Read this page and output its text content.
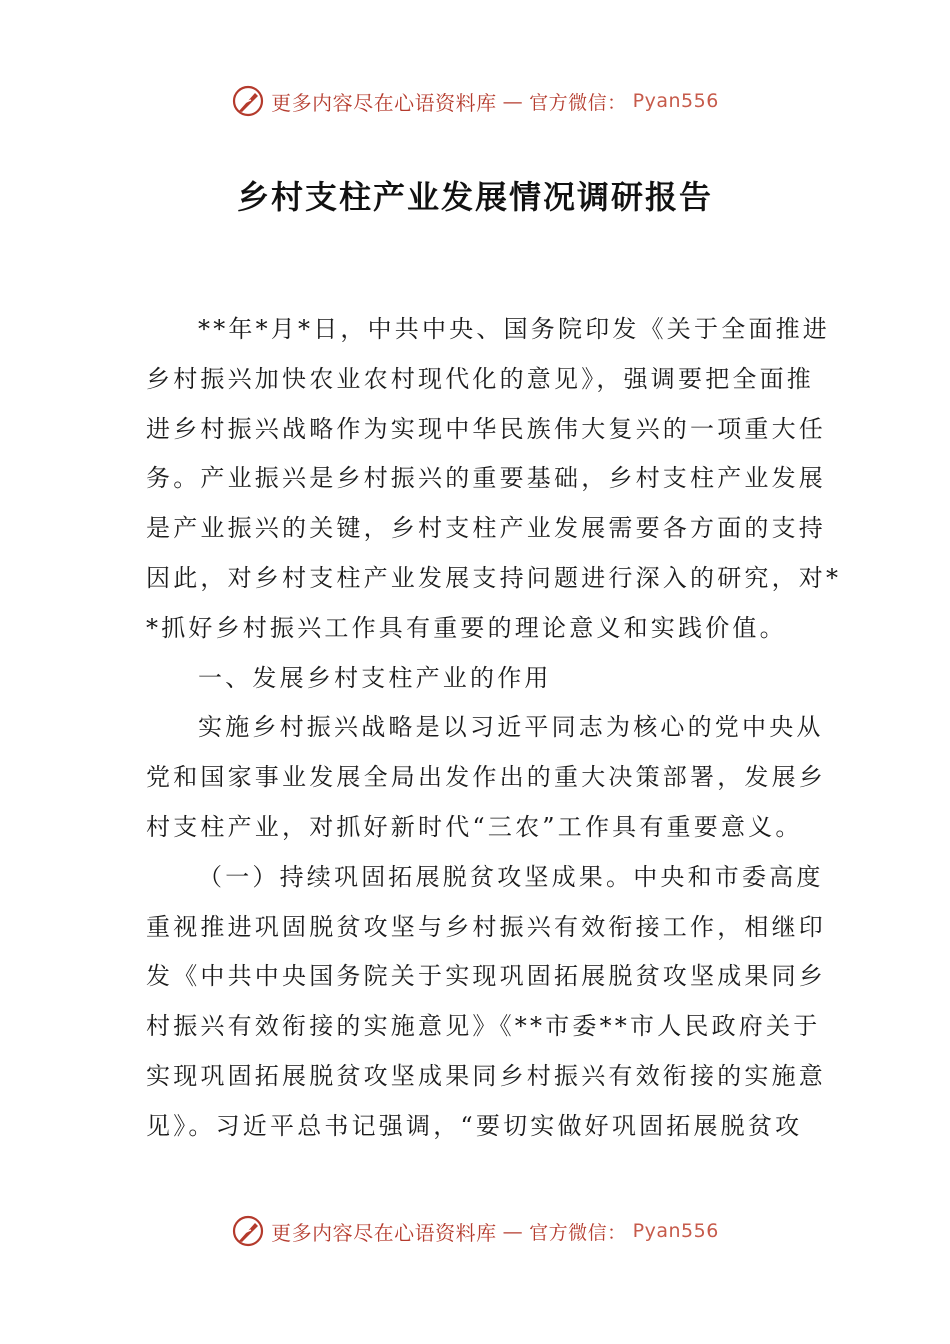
更多内容尽在心语资料库 — 官方微信： Pyan556
乡村支柱产业发展情况调研报告
**年*月*日，中共中央、国务院印发《关于全面推进
乡村振兴加快农业农村现代化的意见》，强调要把全面推
进乡村振兴战略作为实现中华民族伟大复兴的一项重大任
务。产业振兴是乡村振兴的重要基础，乡村支柱产业发展
是产业振兴的关键，乡村支柱产业发展需要各方面的支持
因此，对乡村支柱产业发展支持问题进行深入的研究，对*
*抓好乡村振兴工作具有重要的理论意义和实践价值。
一、发展乡村支柱产业的作用
实施乡村振兴战略是以习近平同志为核心的党中央从
党和国家事业发展全局出发作出的重大决策部署，发展乡
村支柱产业，对抓好新时代“三农”工作具有重要意义。
（一）持续巩固拓展脱贫攻坚成果。中央和市委高度
重视推进巩固脱贫攻坚与乡村振兴有效衔接工作，相继印
发《中共中央国务院关于实现巩固拓展脱贫攻坚成果同乡
村振兴有效衔接的实施意见》《**市委**市人民政府关于
实现巩固拓展脱贫攻坚成果同乡村振兴有效衔接的实施意
见》。习近平总书记强调，“要切实做好巩固拓展脱贫攻
更多内容尽在心语资料库 — 官方微信： Pyan556
